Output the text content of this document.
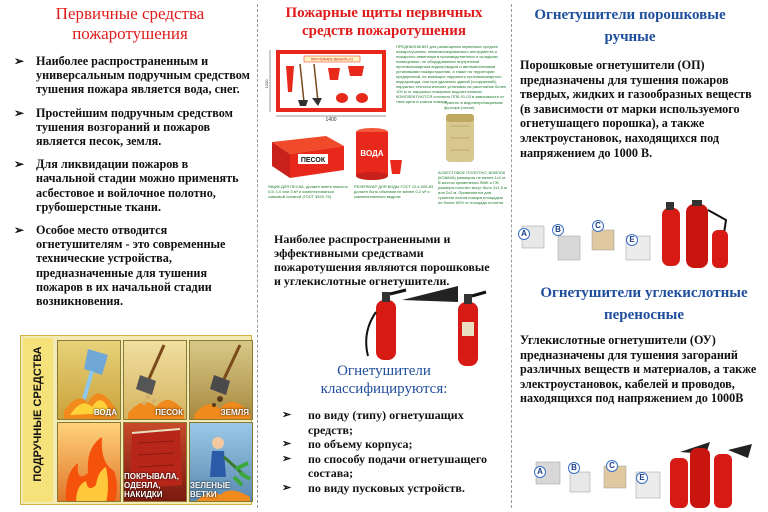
Первичные средства пожаротушения
➢ Наиболее распространенным и универсальным подручным средством тушения пожара является вода, снег.
➢ Простейшим подручным средством тушения возгораний и пожаров является песок, земля.
➢ Для ликвидации пожаров в начальной стадии можно применять асбестовое и войлочное полотно, грубошерстные ткани.
➢ Особое место отводится огнетушителям - это современные технические устройства, предназначенные для тушения пожаров в их начальной стадии возникновения.
ПОДРУЧНЫЕ СРЕДСТВА	ВОДА	ПЕСОК	ЗЕМЛЯ
ПОКРЫВАЛА, ОДЕЯЛА, НАКИДКИ
ЗЕЛЕНЫЕ ВЕТКИ
Пожарные щиты первичных средств пожаротушения
ПРИ ПОЖАРЕ ЗВОНИТЬ 01
1400
1200
ПРЕДНАЗНАЧЕН для размещения первичных средств пожаротушения, немеханизированного инструмента и пожарного инвентаря в производственных и складских помещениях, не оборудованных внутренним противопожарным водопроводом и автоматическими установками пожаротушения, а также на территории предприятий, не имеющих наружного противопожарного водопровода, или при удалении зданий (сооружений), наружных технологических установок на расстояние более 100 м от наружных пожарных водоисточников. КОМПЛЕКТУЮТСЯ согласно ППБ 01-03 в зависимости от типа щита и класса пожара
ПЕСОК
ВОДА
Хранить в водонепроницаемом футляре (чехле)
ЯЩИК ДЛЯ ПЕСКА, должен иметь емкость 0,5; 1,0 или 3 м³ и комплектоваться совковой лопатой (ГОСТ 3620-76)
РЕЗЕРВУАР ДЛЯ ВОДЫ ГОСТ 12.4.009-83 должен быть объемом не менее 0,2 м³ и комплектоваться ведром
АСБЕСТОВОЕ ПОЛОТНО, ВОЙЛОК (КОШМА) размером не менее 1х1 м. В местах применения ЛВЖ и ГЖ размеры полотен могут быть 2х1,5 м или 2х2 м. Применяется для тушения очагов пожара площадью не более 50% от площади полотна
Наиболее распространенными и эффективными средствами пожаротушения являются порошковые и углекислотные огнетушители.
Огнетушители классифицируются:
➢ по виду (типу) огнетушащих средств;
➢ по объему корпуса;
➢ по способу подачи огнетушащего состава;
➢ по виду пусковых устройств.
Огнетушители порошковые ручные
Порошковые огнетушители (ОП) предназначены для тушения пожаров твердых, жидких и газообразных веществ (в зависимости от марки используемого огнетушащего порошка), а также электроустановок, находящихся под напряжением до 1000 В.
A	B	C
E
Огнетушители углекислотные переносные
Углекислотные огнетушители (ОУ) предназначены для тушения загораний различных веществ и материалов, а также электроустановок, кабелей и проводов, находящихся под напряжением до 1000В
A	B	C
E
